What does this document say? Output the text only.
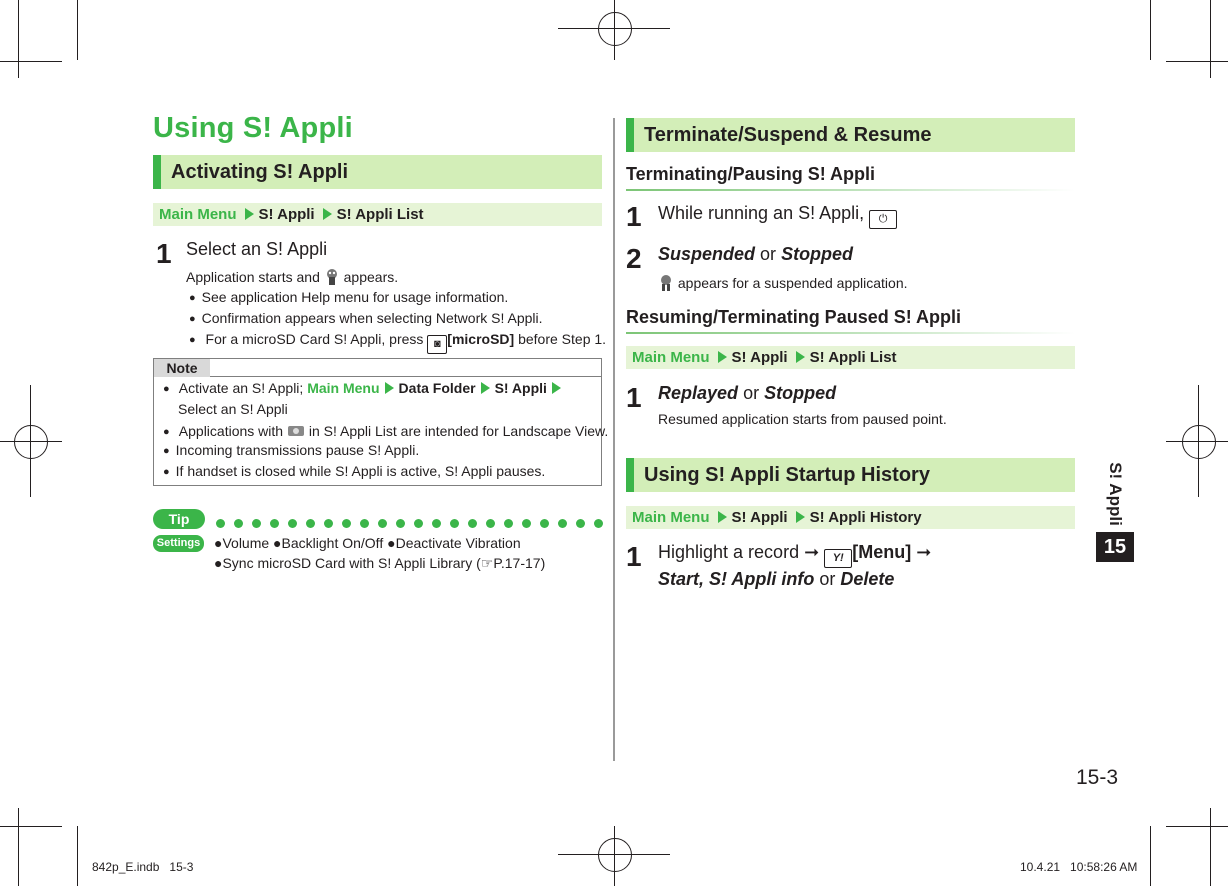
Using S! Appli
Activating S! Appli
Main Menu S! Appli S! Appli List
1 Select an S! Appli
Application starts and appears.
● See application Help menu for usage information.
● Confirmation appears when selecting Network S! Appli.
● For a microSD Card S! Appli, press ◙ [microSD] before Step 1.
Note
● Activate an S! Appli; Main Menu Data Folder S! Appli
Select an S! Appli
● Applications with in S! Appli List are intended for Landscape View.
● Incoming transmissions pause S! Appli.
● If handset is closed while S! Appli is active, S! Appli pauses.
Tip
Settings ●Volume ●Backlight On/Off ●Deactivate Vibration
●Sync microSD Card with S! Appli Library (☞P.17-17)
Terminate/Suspend & Resume
Terminating/Pausing S! Appli
1 While running an S! Appli, ⏻
2 Suspended or Stopped
appears for a suspended application.
Resuming/Terminating Paused S! Appli
Main Menu S! Appli S! Appli List
1 Replayed or Stopped
Resumed application starts from paused point.
Using S! Appli Startup History
Main Menu S! Appli S! Appli History
1 Highlight a record ➞ Y! [Menu] ➞
Start, S! Appli info or Delete
S! Appli
15
15-3
842p_E.indb   15-3	10.4.21   10:58:26 AM
